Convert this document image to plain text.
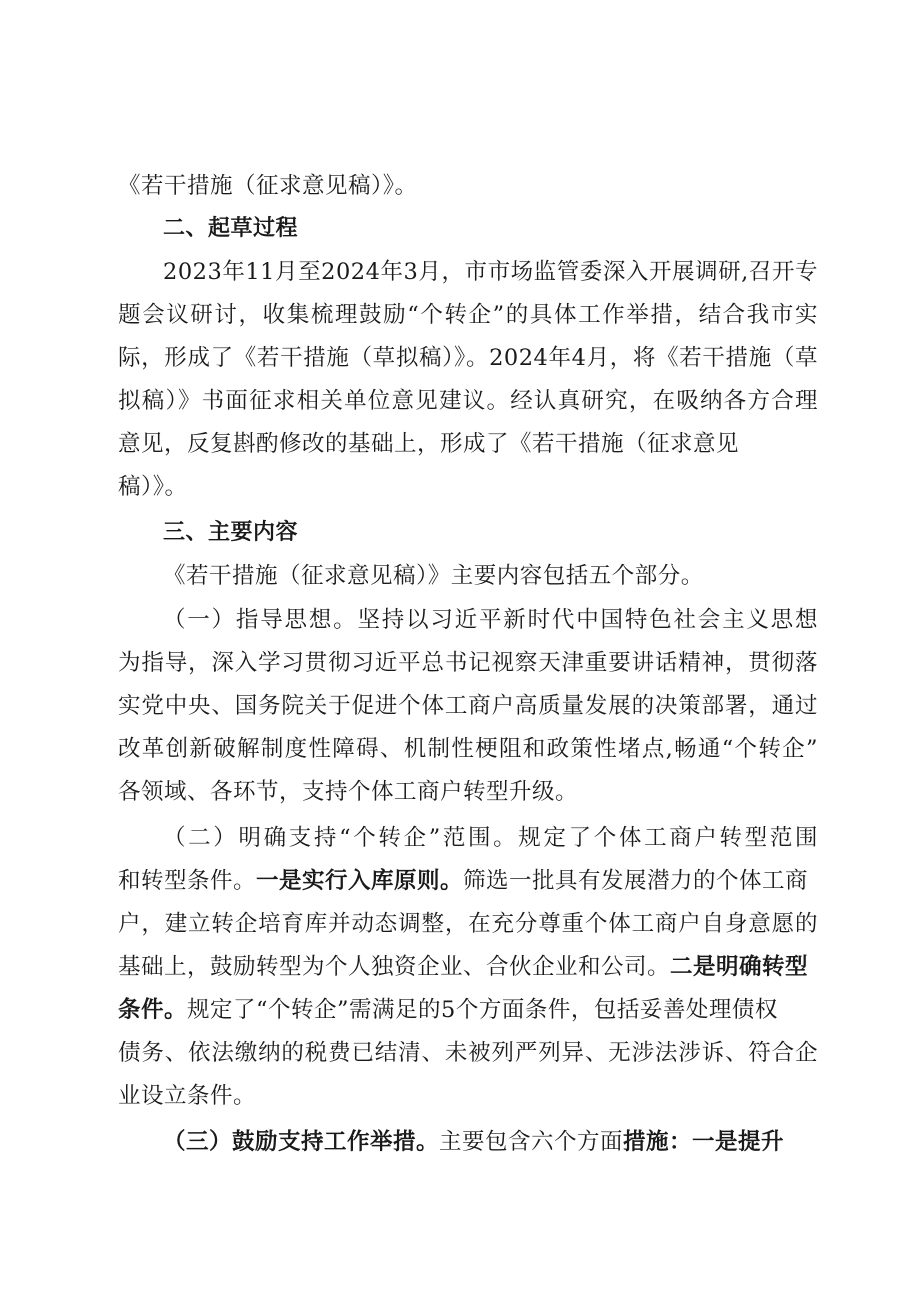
《若干措施（征求意见稿）》。
二、起草过程
2023年11月至2024年3月，市市场监管委深入开展调研,召开专
题会议研讨，收集梳理鼓励“个转企”的具体工作举措，结合我市实
际，形成了《若干措施（草拟稿）》。2024年4月，将《若干措施（草
拟稿）》书面征求相关单位意见建议。经认真研究，在吸纳各方合理
意见，反复斟酌修改的基础上，形成了《若干措施（征求意见
稿）》。
三、主要内容
《若干措施（征求意见稿）》主要内容包括五个部分。
（一）指导思想。坚持以习近平新时代中国特色社会主义思想
为指导，深入学习贯彻习近平总书记视察天津重要讲话精神，贯彻落
实党中央、国务院关于促进个体工商户高质量发展的决策部署，通过
改革创新破解制度性障碍、机制性梗阻和政策性堵点,畅通“个转企”
各领域、各环节，支持个体工商户转型升级。
（二）明确支持“个转企”范围。规定了个体工商户转型范围
和转型条件。一是实行入库原则。筛选一批具有发展潜力的个体工商
户，建立转企培育库并动态调整，在充分尊重个体工商户自身意愿的
基础上，鼓励转型为个人独资企业、合伙企业和公司。二是明确转型
条件。规定了“个转企”需满足的5个方面条件，包括妥善处理债权
债务、依法缴纳的税费已结清、未被列严列异、无涉法涉诉、符合企
业设立条件。
（三）鼓励支持工作举措。主要包含六个方面措施：一是提升
